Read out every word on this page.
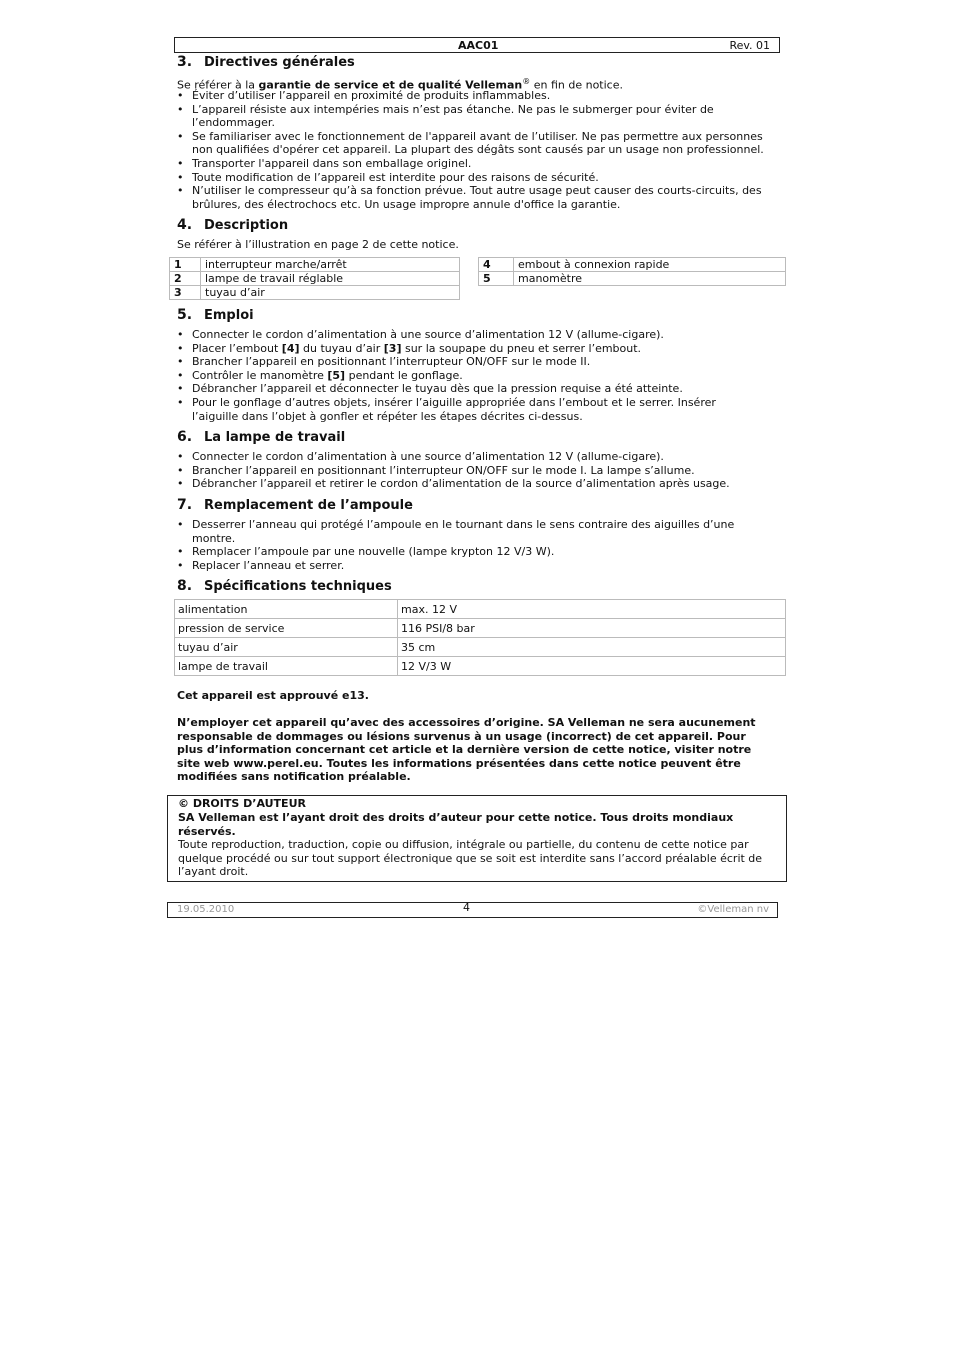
AAC01	Rev. 01
3. Directives générales
Se référer à la garantie de service et de qualité Velleman® en fin de notice.
• Éviter d’utiliser l’appareil en proximité de produits inflammables.
• L’appareil résiste aux intempéries mais n’est pas étanche. Ne pas le submerger pour éviter de l’endommager.
• Se familiariser avec le fonctionnement de l'appareil avant de l’utiliser. Ne pas permettre aux personnes non qualifiées d'opérer cet appareil. La plupart des dégâts sont causés par un usage non professionnel.
• Transporter l'appareil dans son emballage originel.
• Toute modification de l’appareil est interdite pour des raisons de sécurité.
• N’utiliser le compresseur qu’à sa fonction prévue. Tout autre usage peut causer des courts-circuits, des brûlures, des électrochocs etc. Un usage impropre annule d'office la garantie.
4. Description
Se référer à l’illustration en page 2 de cette notice.
1	interrupteur marche/arrêt
2	lampe de travail réglable
3	tuyau d’air
4	embout à connexion rapide
5	manomètre
5. Emploi
• Connecter le cordon d’alimentation à une source d’alimentation 12 V (allume-cigare).
• Placer l’embout [4] du tuyau d’air [3] sur la soupape du pneu et serrer l’embout.
• Brancher l’appareil en positionnant l’interrupteur ON/OFF sur le mode II.
• Contrôler le manomètre [5] pendant le gonflage.
• Débrancher l’appareil et déconnecter le tuyau dès que la pression requise a été atteinte.
• Pour le gonflage d’autres objets, insérer l’aiguille appropriée dans l’embout et le serrer. Insérer l’aiguille dans l’objet à gonfler et répéter les étapes décrites ci-dessus.
6. La lampe de travail
• Connecter le cordon d’alimentation à une source d’alimentation 12 V (allume-cigare).
• Brancher l’appareil en positionnant l’interrupteur ON/OFF sur le mode I. La lampe s’allume.
• Débrancher l’appareil et retirer le cordon d’alimentation de la source d’alimentation après usage.
7. Remplacement de l’ampoule
• Desserrer l’anneau qui protégé l’ampoule en le tournant dans le sens contraire des aiguilles d’une montre.
• Remplacer l’ampoule par une nouvelle (lampe krypton 12 V/3 W).
• Replacer l’anneau et serrer.
8. Spécifications techniques
alimentation	max. 12 V
pression de service	116 PSI/8 bar
tuyau d’air	35 cm
lampe de travail	12 V/3 W
Cet appareil est approuvé e13.
N’employer cet appareil qu’avec des accessoires d’origine. SA Velleman ne sera aucunement responsable de dommages ou lésions survenus à un usage (incorrect) de cet appareil. Pour plus d’information concernant cet article et la dernière version de cette notice, visiter notre site web www.perel.eu. Toutes les informations présentées dans cette notice peuvent être modifiées sans notification préalable.
© DROITS D’AUTEUR
SA Velleman est l’ayant droit des droits d’auteur pour cette notice. Tous droits mondiaux réservés.
Toute reproduction, traduction, copie ou diffusion, intégrale ou partielle, du contenu de cette notice par quelque procédé ou sur tout support électronique que se soit est interdite sans l’accord préalable écrit de l’ayant droit.
19.05.2010	4	©Velleman nv
